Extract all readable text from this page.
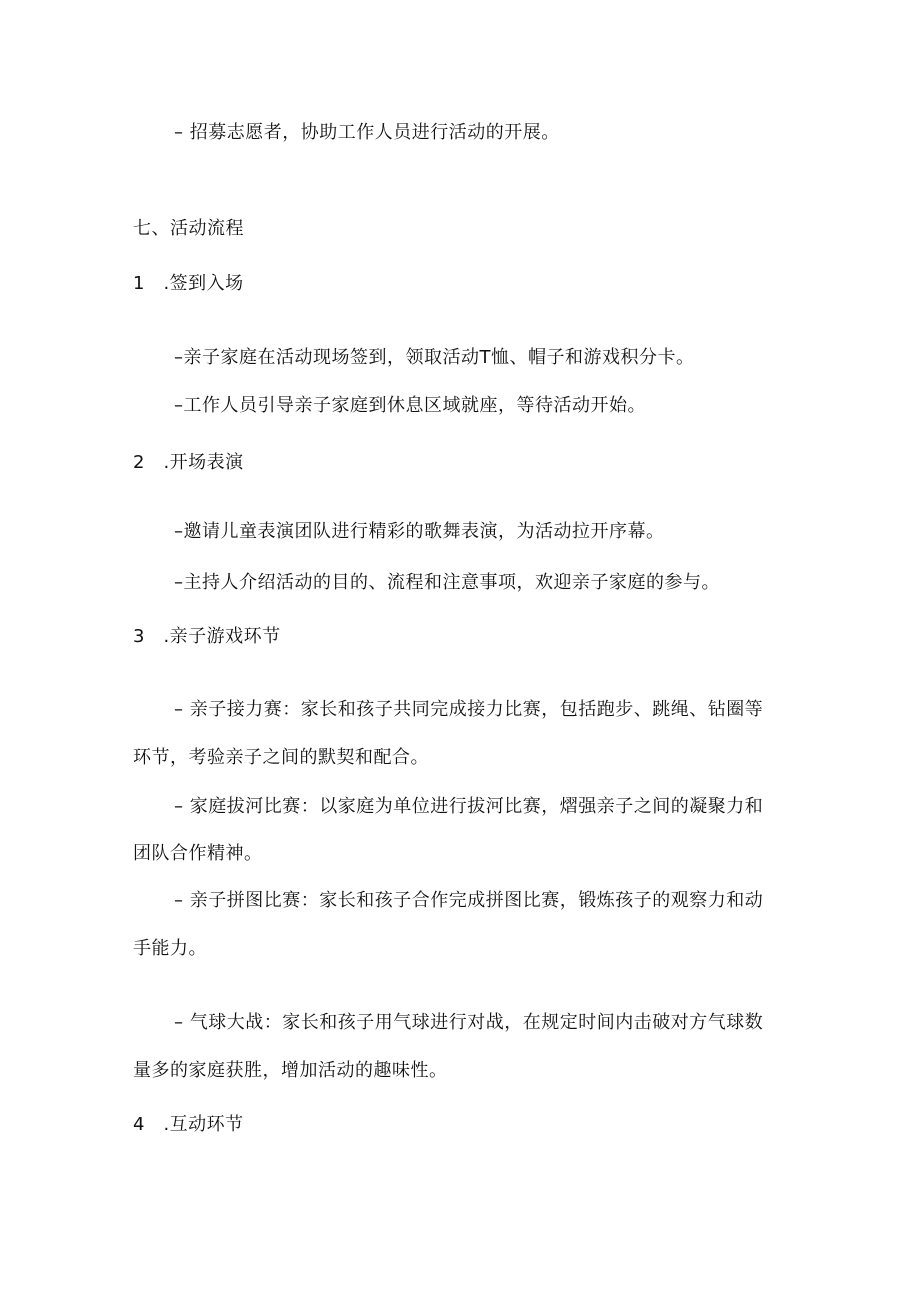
– 招募志愿者，协助工作人员进行活动的开展。
七、活动流程
1　.签到入场
–亲子家庭在活动现场签到，领取活动T恤、帽子和游戏积分卡。
–工作人员引导亲子家庭到休息区域就座，等待活动开始。
2　.开场表演
–邀请儿童表演团队进行精彩的歌舞表演，为活动拉开序幕。
–主持人介绍活动的目的、流程和注意事项，欢迎亲子家庭的参与。
3　.亲子游戏环节
– 亲子接力赛：家长和孩子共同完成接力比赛，包括跑步、跳绳、钻圈等
环节，考验亲子之间的默契和配合。
– 家庭拔河比赛：以家庭为单位进行拔河比赛，熠强亲子之间的凝聚力和
团队合作精神。
– 亲子拼图比赛：家长和孩子合作完成拼图比赛，锻炼孩子的观察力和动
手能力。
– 气球大战：家长和孩子用气球进行对战，在规定时间内击破对方气球数
量多的家庭获胜，增加活动的趣味性。
4　.互动环节
